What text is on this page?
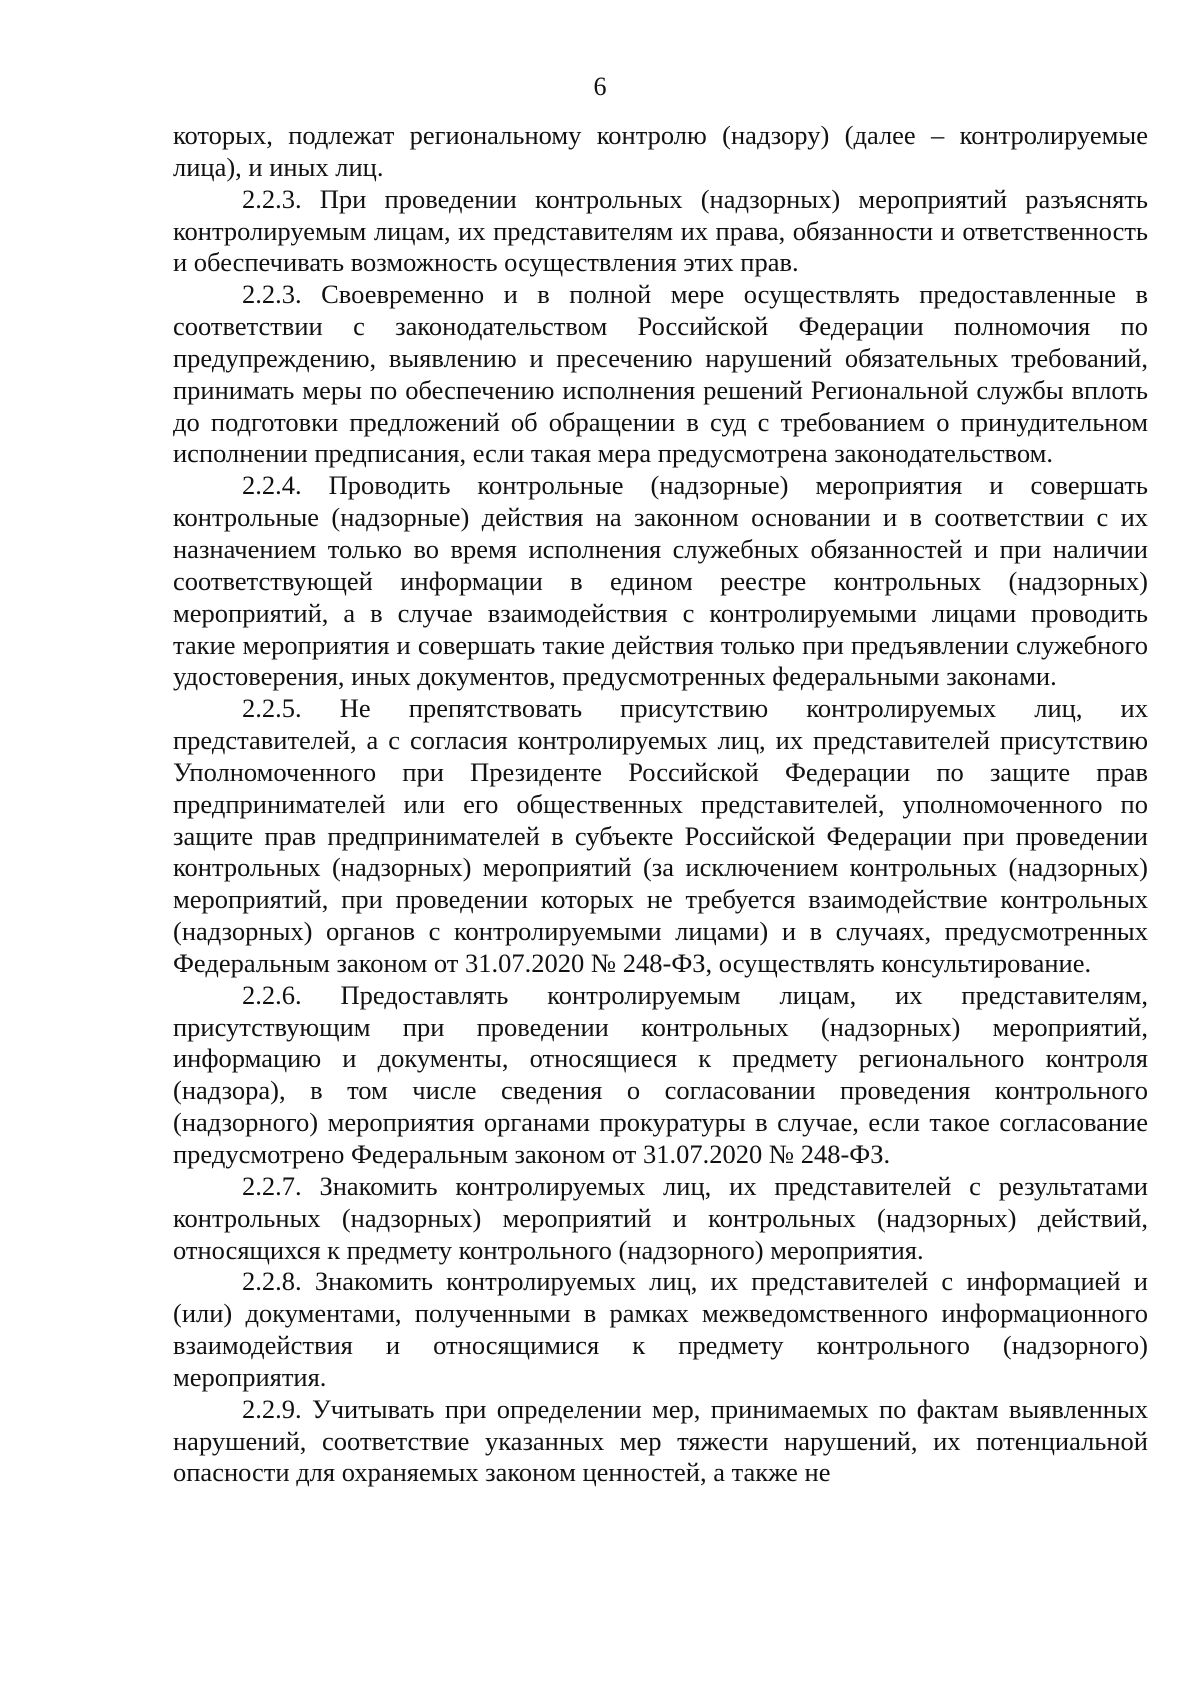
6

которых, подлежат региональному контролю (надзору) (далее – контролируемые лица), и иных лиц.

2.2.3. При проведении контрольных (надзорных) мероприятий разъяснять контролируемым лицам, их представителям их права, обязанности и ответственность и обеспечивать возможность осуществления этих прав.

2.2.3. Своевременно и в полной мере осуществлять предоставленные в соответствии с законодательством Российской Федерации полномочия по предупреждению, выявлению и пресечению нарушений обязательных требований, принимать меры по обеспечению исполнения решений Региональной службы вплоть до подготовки предложений об обращении в суд с требованием о принудительном исполнении предписания, если такая мера предусмотрена законодательством.

2.2.4. Проводить контрольные (надзорные) мероприятия и совершать контрольные (надзорные) действия на законном основании и в соответствии с их назначением только во время исполнения служебных обязанностей и при наличии соответствующей информации в едином реестре контрольных (надзорных) мероприятий, а в случае взаимодействия с контролируемыми лицами проводить такие мероприятия и совершать такие действия только при предъявлении служебного удостоверения, иных документов, предусмотренных федеральными законами.

2.2.5. Не препятствовать присутствию контролируемых лиц, их представителей, а с согласия контролируемых лиц, их представителей присутствию Уполномоченного при Президенте Российской Федерации по защите прав предпринимателей или его общественных представителей, уполномоченного по защите прав предпринимателей в субъекте Российской Федерации при проведении контрольных (надзорных) мероприятий (за исключением контрольных (надзорных) мероприятий, при проведении которых не требуется взаимодействие контрольных (надзорных) органов с контролируемыми лицами) и в случаях, предусмотренных Федеральным законом от 31.07.2020 № 248-ФЗ, осуществлять консультирование.

2.2.6. Предоставлять контролируемым лицам, их представителям, присутствующим при проведении контрольных (надзорных) мероприятий, информацию и документы, относящиеся к предмету регионального контроля (надзора), в том числе сведения о согласовании проведения контрольного (надзорного) мероприятия органами прокуратуры в случае, если такое согласование предусмотрено Федеральным законом от 31.07.2020 № 248-ФЗ.

2.2.7. Знакомить контролируемых лиц, их представителей с результатами контрольных (надзорных) мероприятий и контрольных (надзорных) действий, относящихся к предмету контрольного (надзорного) мероприятия.

2.2.8. Знакомить контролируемых лиц, их представителей с информацией и (или) документами, полученными в рамках межведомственного информационного взаимодействия и относящимися к предмету контрольного (надзорного) мероприятия.

2.2.9. Учитывать при определении мер, принимаемых по фактам выявленных нарушений, соответствие указанных мер тяжести нарушений, их потенциальной опасности для охраняемых законом ценностей, а также не
